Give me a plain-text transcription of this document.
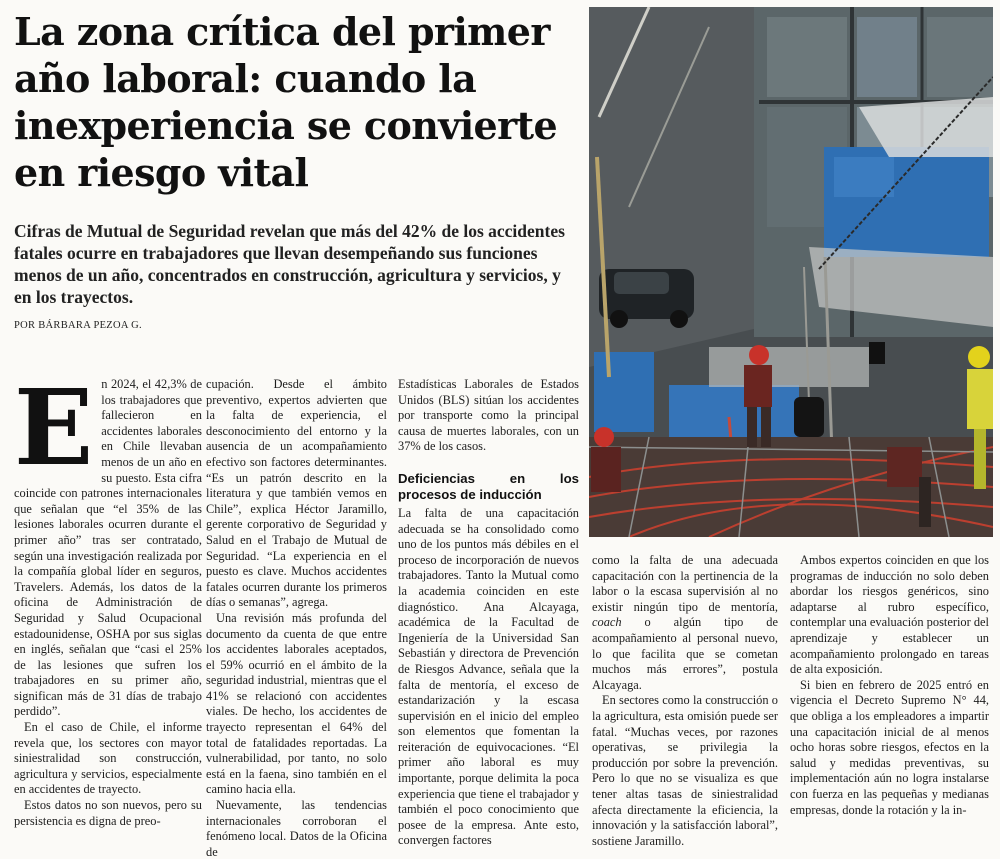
La zona crítica del primer año laboral: cuando la inexperiencia se convierte en riesgo vital
Cifras de Mutual de Seguridad revelan que más del 42% de los accidentes fatales ocurre en trabajadores que llevan desempeñando sus funciones menos de un año, concentrados en construcción, agricultura y servicios, y en los trayectos.
POR BÁRBARA PEZOA G.
E n 2024, el 42,3% de los trabajadores que fallecieron en accidentes laborales en Chile llevaban menos de un año en su puesto. Esta cifra coincide con patrones internacionales que señalan que “el 35% de las lesiones laborales ocurren durante el primer año” tras ser contratado, según una investigación realizada por la compañía global líder en seguros, Travelers. Además, los datos de la oficina de Administración de Seguridad y Salud Ocupacional estadounidense, OSHA por sus siglas en inglés, señalan que “casi el 25% de las lesiones que sufren los trabajadores en su primer año, significan más de 31 días de trabajo perdido”.

En el caso de Chile, el informe revela que, los sectores con mayor siniestralidad son construcción, agricultura y servicios, especialmente en accidentes de trayecto.

Estos datos no son nuevos, pero su persistencia es digna de preo-

cupación. Desde el ámbito preventivo, expertos advierten que la falta de experiencia, el desconocimiento del entorno y la ausencia de un acompañamiento efectivo son factores determinantes. “Es un patrón descrito en la literatura y que también vemos en Chile”, explica Héctor Jaramillo, gerente corporativo de Seguridad y Salud en el Trabajo de Mutual de Seguridad. “La experiencia en el puesto es clave. Muchos accidentes fatales ocurren durante los primeros días o semanas”, agrega.

Una revisión más profunda del documento da cuenta de que entre los accidentes laborales aceptados, el 59% ocurrió en el ámbito de la seguridad industrial, mientras que el 41% se relacionó con accidentes viales. De hecho, los accidentes de trayecto representan el 64% del total de fatalidades reportadas. La vulnerabilidad, por tanto, no solo está en la faena, sino también en el camino hacia ella.

Nuevamente, las tendencias internacionales corroboran el fenómeno local. Datos de la Oficina de

Estadísticas Laborales de Estados Unidos (BLS) sitúan los accidentes por transporte como la principal causa de muertes laborales, con un 37% de los casos.

Deficiencias en los procesos de inducción

La falta de una capacitación adecuada se ha consolidado como uno de los puntos más débiles en el proceso de incorporación de nuevos trabajadores. Tanto la Mutual como la academia coinciden en este diagnóstico. Ana Alcayaga, académica de la Facultad de Ingeniería de la Universidad San Sebastián y directora de Prevención de Riesgos Advance, señala que la falta de mentoría, el exceso de estandarización y la escasa supervisión en el inicio del empleo son elementos que fomentan la reiteración de equivocaciones. “El primer año laboral es muy importante, porque delimita la poca experiencia que tiene el trabajador y también el poco conocimiento que posee de la empresa. Ante esto, convergen factores

como la falta de una adecuada capacitación con la pertinencia de la labor o la escasa supervisión al no existir ningún tipo de mentoría, coach o algún tipo de acompañamiento al personal nuevo, lo que facilita que se cometan muchos más errores”, postula Alcayaga.

En sectores como la construcción o la agricultura, esta omisión puede ser fatal. “Muchas veces, por razones operativas, se privilegia la producción por sobre la prevención. Pero lo que no se visualiza es que tener altas tasas de siniestralidad afecta directamente la eficiencia, la innovación y la satisfacción laboral”, sostiene Jaramillo.

Ambos expertos coinciden en que los programas de inducción no solo deben abordar los riesgos genéricos, sino adaptarse al rubro específico, contemplar una evaluación posterior del aprendizaje y establecer un acompañamiento prolongado en tareas de alta exposición.

Si bien en febrero de 2025 entró en vigencia el Decreto Supremo N° 44, que obliga a los empleadores a impartir una capacitación inicial de al menos ocho horas sobre riesgos, efectos en la salud y medidas preventivas, su implementación aún no logra instalarse con fuerza en las pequeñas y medianas empresas, donde la rotación y la in-
